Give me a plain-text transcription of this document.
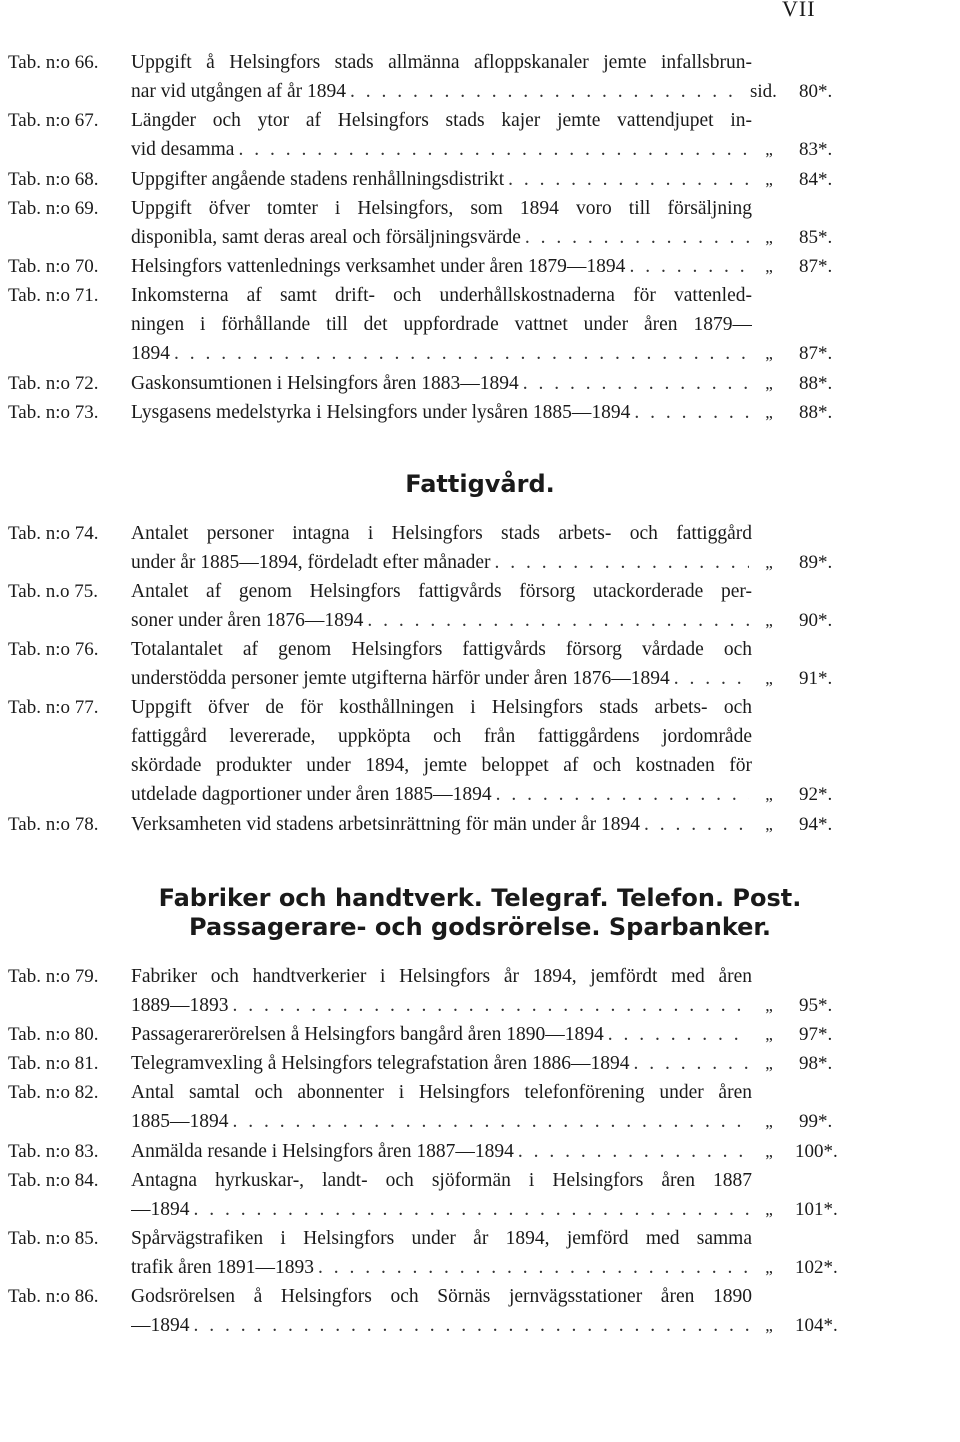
VII
Tab. n:o 66. Uppgift å Helsingfors stads allmänna afloppskanaler jemte infallsbrun-
nar vid utgången af år 1894 . . .	sid. 80*.
Tab. n:o 67. Längder och ytor af Helsingfors stads kajer jemte vattendjupet in-
vid desamma . . .	„	83*.
Tab. n:o 68. Uppgifter angående stadens renhållningsdistrikt . . .	„	84*.
Tab. n:o 69. Uppgift öfver tomter i Helsingfors, som 1894 voro till försäljning
disponibla, samt deras areal och försäljningsvärde . . .	„	85*.
Tab. n:o 70. Helsingfors vattenlednings verksamhet under åren 1879—1894 . . .	„	87*.
Tab. n:o 71. Inkomsterna af samt drift- och underhållskostnaderna för vattenled-
ningen i förhållande till det uppfordrade vattnet under åren 1879—
1894 . . .	„	87*.
Tab. n:o 72. Gaskonsumtionen i Helsingfors åren 1883—1894 . . .	„	88*.
Tab. n:o 73. Lysgasens medelstyrka i Helsingfors under lysåren 1885—1894 . . .	„	88*.
Fattigvård.
Tab. n:o 74. Antalet personer intagna i Helsingfors stads arbets- och fattiggård
under år 1885—1894, fördeladt efter månader . . .	„	89*.
Tab. n.o 75. Antalet af genom Helsingfors fattigvårds försorg utackorderade per-
soner under åren 1876—1894 . . .	„	90*.
Tab. n:o 76. Totalantalet af genom Helsingfors fattigvårds försorg vårdade och
understödda personer jemte utgifterna härför under åren 1876—1894 . . .	„	91*.
Tab. n:o 77. Uppgift öfver de för kosthållningen i Helsingfors stads arbets- och
fattiggård levererade, uppköpta och från fattiggårdens jordområde
skördade produkter under 1894, jemte beloppet af och kostnaden för
utdelade dagportioner under åren 1885—1894 . . .	„	92*.
Tab. n:o 78. Verksamheten vid stadens arbetsinrättning för män under år 1894 . . .	„	94*.
Fabriker och handtverk. Telegraf. Telefon. Post.
Passagerare- och godsrörelse. Sparbanker.
Tab. n:o 79. Fabriker och handtverkerier i Helsingfors år 1894, jemfördt med åren
1889—1893 . . .	„	95*.
Tab. n:o 80. Passagerarerörelsen å Helsingfors bangård åren 1890—1894 . . .	„	97*.
Tab. n:o 81. Telegramvexling å Helsingfors telegrafstation åren 1886—1894 . . .	„	98*.
Tab. n:o 82. Antal samtal och abonnenter i Helsingfors telefonförening under åren
1885—1894 . . .	„	99*.
Tab. n:o 83. Anmälda resande i Helsingfors åren 1887—1894 . . .	„	100*.
Tab. n:o 84. Antagna hyrkuskar-, landt- och sjöformän i Helsingfors åren 1887
—1894 . . .	„	101*.
Tab. n:o 85. Spårvägstrafiken i Helsingfors under år 1894, jemförd med samma
trafik åren 1891—1893 . . .	„	102*.
Tab. n:o 86. Godsrörelsen å Helsingfors och Sörnäs jernvägsstationer åren 1890
—1894 . . .	„	104*.
